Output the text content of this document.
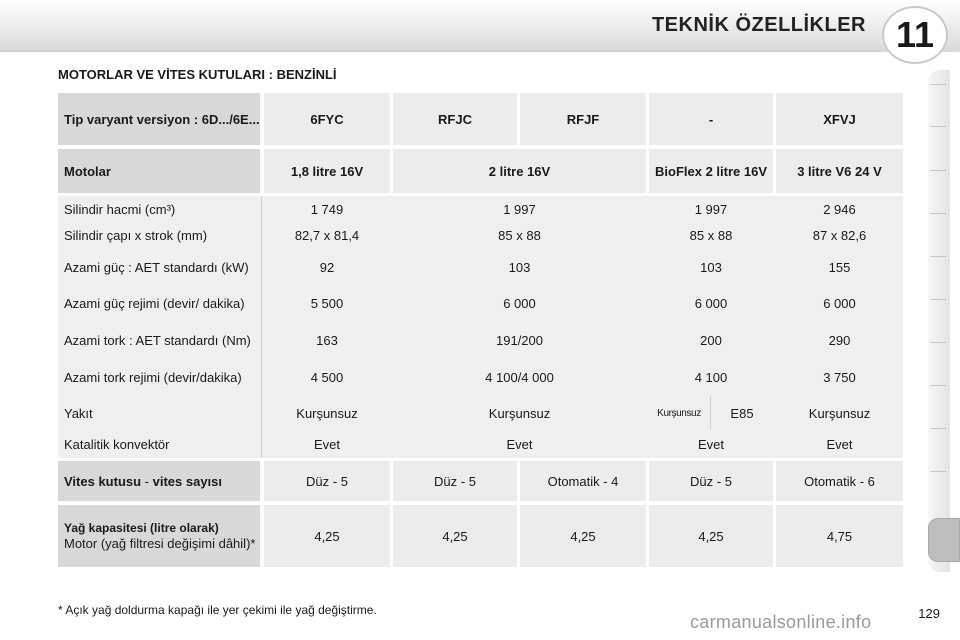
TEKNİK ÖZELLİKLER 11
MOTORLAR VE VİTES KUTULARI : BENZİNLİ
Tip varyant versiyon : 6D.../6E...	6FYC	RFJC	RFJF	-	XFVJ
Motolar	1,8 litre 16V	2 litre 16V	BioFlex 2 litre 16V	3 litre V6 24 V
Silindir hacmi (cm³)	1 749	1 997	1 997	2 946
Silindir çapı x strok (mm)	82,7 x 81,4	85 x 88	85 x 88	87 x 82,6
Azami güç : AET standardı (kW)	92	103	103	155
Azami güç rejimi (devir/ dakika)	5 500	6 000	6 000	6 000
Azami tork : AET standardı (Nm)	163	191/200	200	290
Azami tork rejimi (devir/dakika)	4 500	4 100/4 000	4 100	3 750
Yakıt	Kurşunsuz	Kurşunsuz	Kurşunsuz	E85	Kurşunsuz
Katalitik konvektör	Evet	Evet	Evet	Evet
Vites kutusu - vites sayısı	Düz - 5	Düz - 5	Otomatik - 4	Düz - 5	Otomatik - 6
Yağ kapasitesi (litre olarak)
Motor (yağ filtresi değişimi dâhil)*	4,25	4,25	4,25	4,25	4,75
* Açık yağ doldurma kapağı ile yer çekimi ile yağ değiştirme.	129
carmanualsonline.info
